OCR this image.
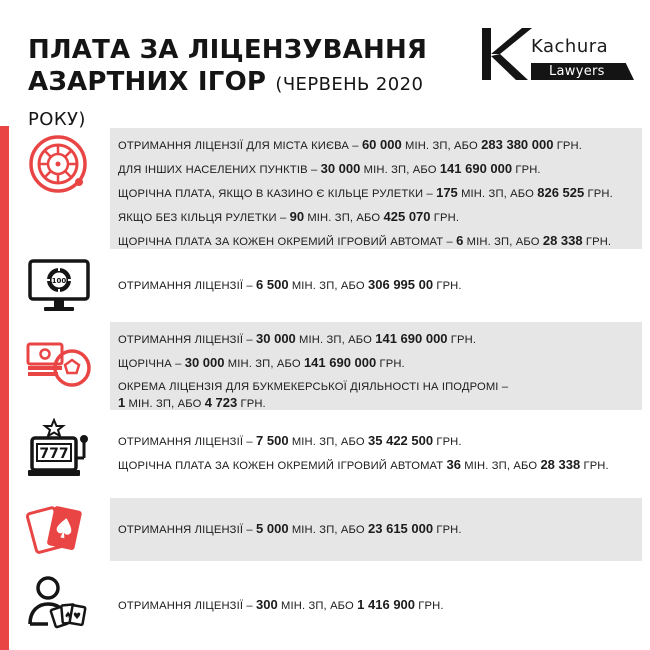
ПЛАТА ЗА ЛІЦЕНЗУВАННЯ
АЗАРТНИХ ІГОР (ЧЕРВЕНЬ 2020 РОКУ)
Kachura
Lawyers
ОТРИМАННЯ ЛІЦЕНЗІЇ ДЛЯ МІСТА КИЄВА – 60 000 МІН. ЗП, АБО 283 380 000 ГРН.
ДЛЯ ІНШИХ НАСЕЛЕНИХ ПУНКТІВ – 30 000 МІН. ЗП, АБО 141 690 000 ГРН.
ЩОРІЧНА ПЛАТА, ЯКЩО В КАЗИНО Є КІЛЬЦЕ РУЛЕТКИ – 175 МІН. ЗП, АБО 826 525 ГРН.
ЯКЩО БЕЗ КІЛЬЦЯ РУЛЕТКИ – 90 МІН. ЗП, АБО 425 070 ГРН.
ЩОРІЧНА ПЛАТА ЗА КОЖЕН ОКРЕМИЙ ІГРОВИЙ АВТОМАТ – 6 МІН. ЗП, АБО 28 338 ГРН.
100	ОТРИМАННЯ ЛІЦЕНЗІЇ – 6 500 МІН. ЗП, АБО 306 995 00 ГРН.
ОТРИМАННЯ ЛІЦЕНЗІЇ – 30 000 МІН. ЗП, АБО 141 690 000 ГРН.
ЩОРІЧНА – 30 000 МІН. ЗП, АБО 141 690 000 ГРН.
ОКРЕМА ЛІЦЕНЗІЯ ДЛЯ БУКМЕКЕРСЬКОЇ ДІЯЛЬНОСТІ НА ІПОДРОМІ –
1 МІН. ЗП, АБО 4 723 ГРН.
777
ОТРИМАННЯ ЛІЦЕНЗІЇ – 7 500 МІН. ЗП, АБО 35 422 500 ГРН.
ЩОРІЧНА ПЛАТА ЗА КОЖЕН ОКРЕМИЙ ІГРОВИЙ АВТОМАТ 36 МІН. ЗП, АБО 28 338 ГРН.
ОТРИМАННЯ ЛІЦЕНЗІЇ – 5 000 МІН. ЗП, АБО 23 615 000 ГРН.
♠ ♥
ОТРИМАННЯ ЛІЦЕНЗІЇ – 300 МІН. ЗП, АБО 1 416 900 ГРН.
